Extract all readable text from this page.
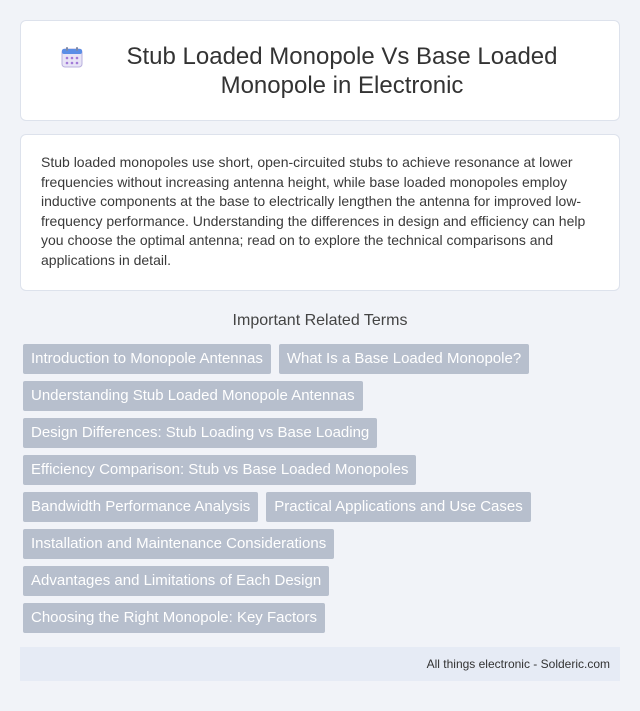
Stub Loaded Monopole Vs Base Loaded Monopole in Electronic

Stub loaded monopoles use short, open-circuited stubs to achieve resonance at lower frequencies without increasing antenna height, while base loaded monopoles employ inductive components at the base to electrically lengthen the antenna for improved low-frequency performance. Understanding the differences in design and efficiency can help you choose the optimal antenna; read on to explore the technical comparisons and applications in detail.

Important Related Terms
Introduction to Monopole Antennas	What Is a Base Loaded Monopole?
Understanding Stub Loaded Monopole Antennas
Design Differences: Stub Loading vs Base Loading
Efficiency Comparison: Stub vs Base Loaded Monopoles
Bandwidth Performance Analysis	Practical Applications and Use Cases
Installation and Maintenance Considerations
Advantages and Limitations of Each Design
Choosing the Right Monopole: Key Factors
All things electronic - Solderic.com
